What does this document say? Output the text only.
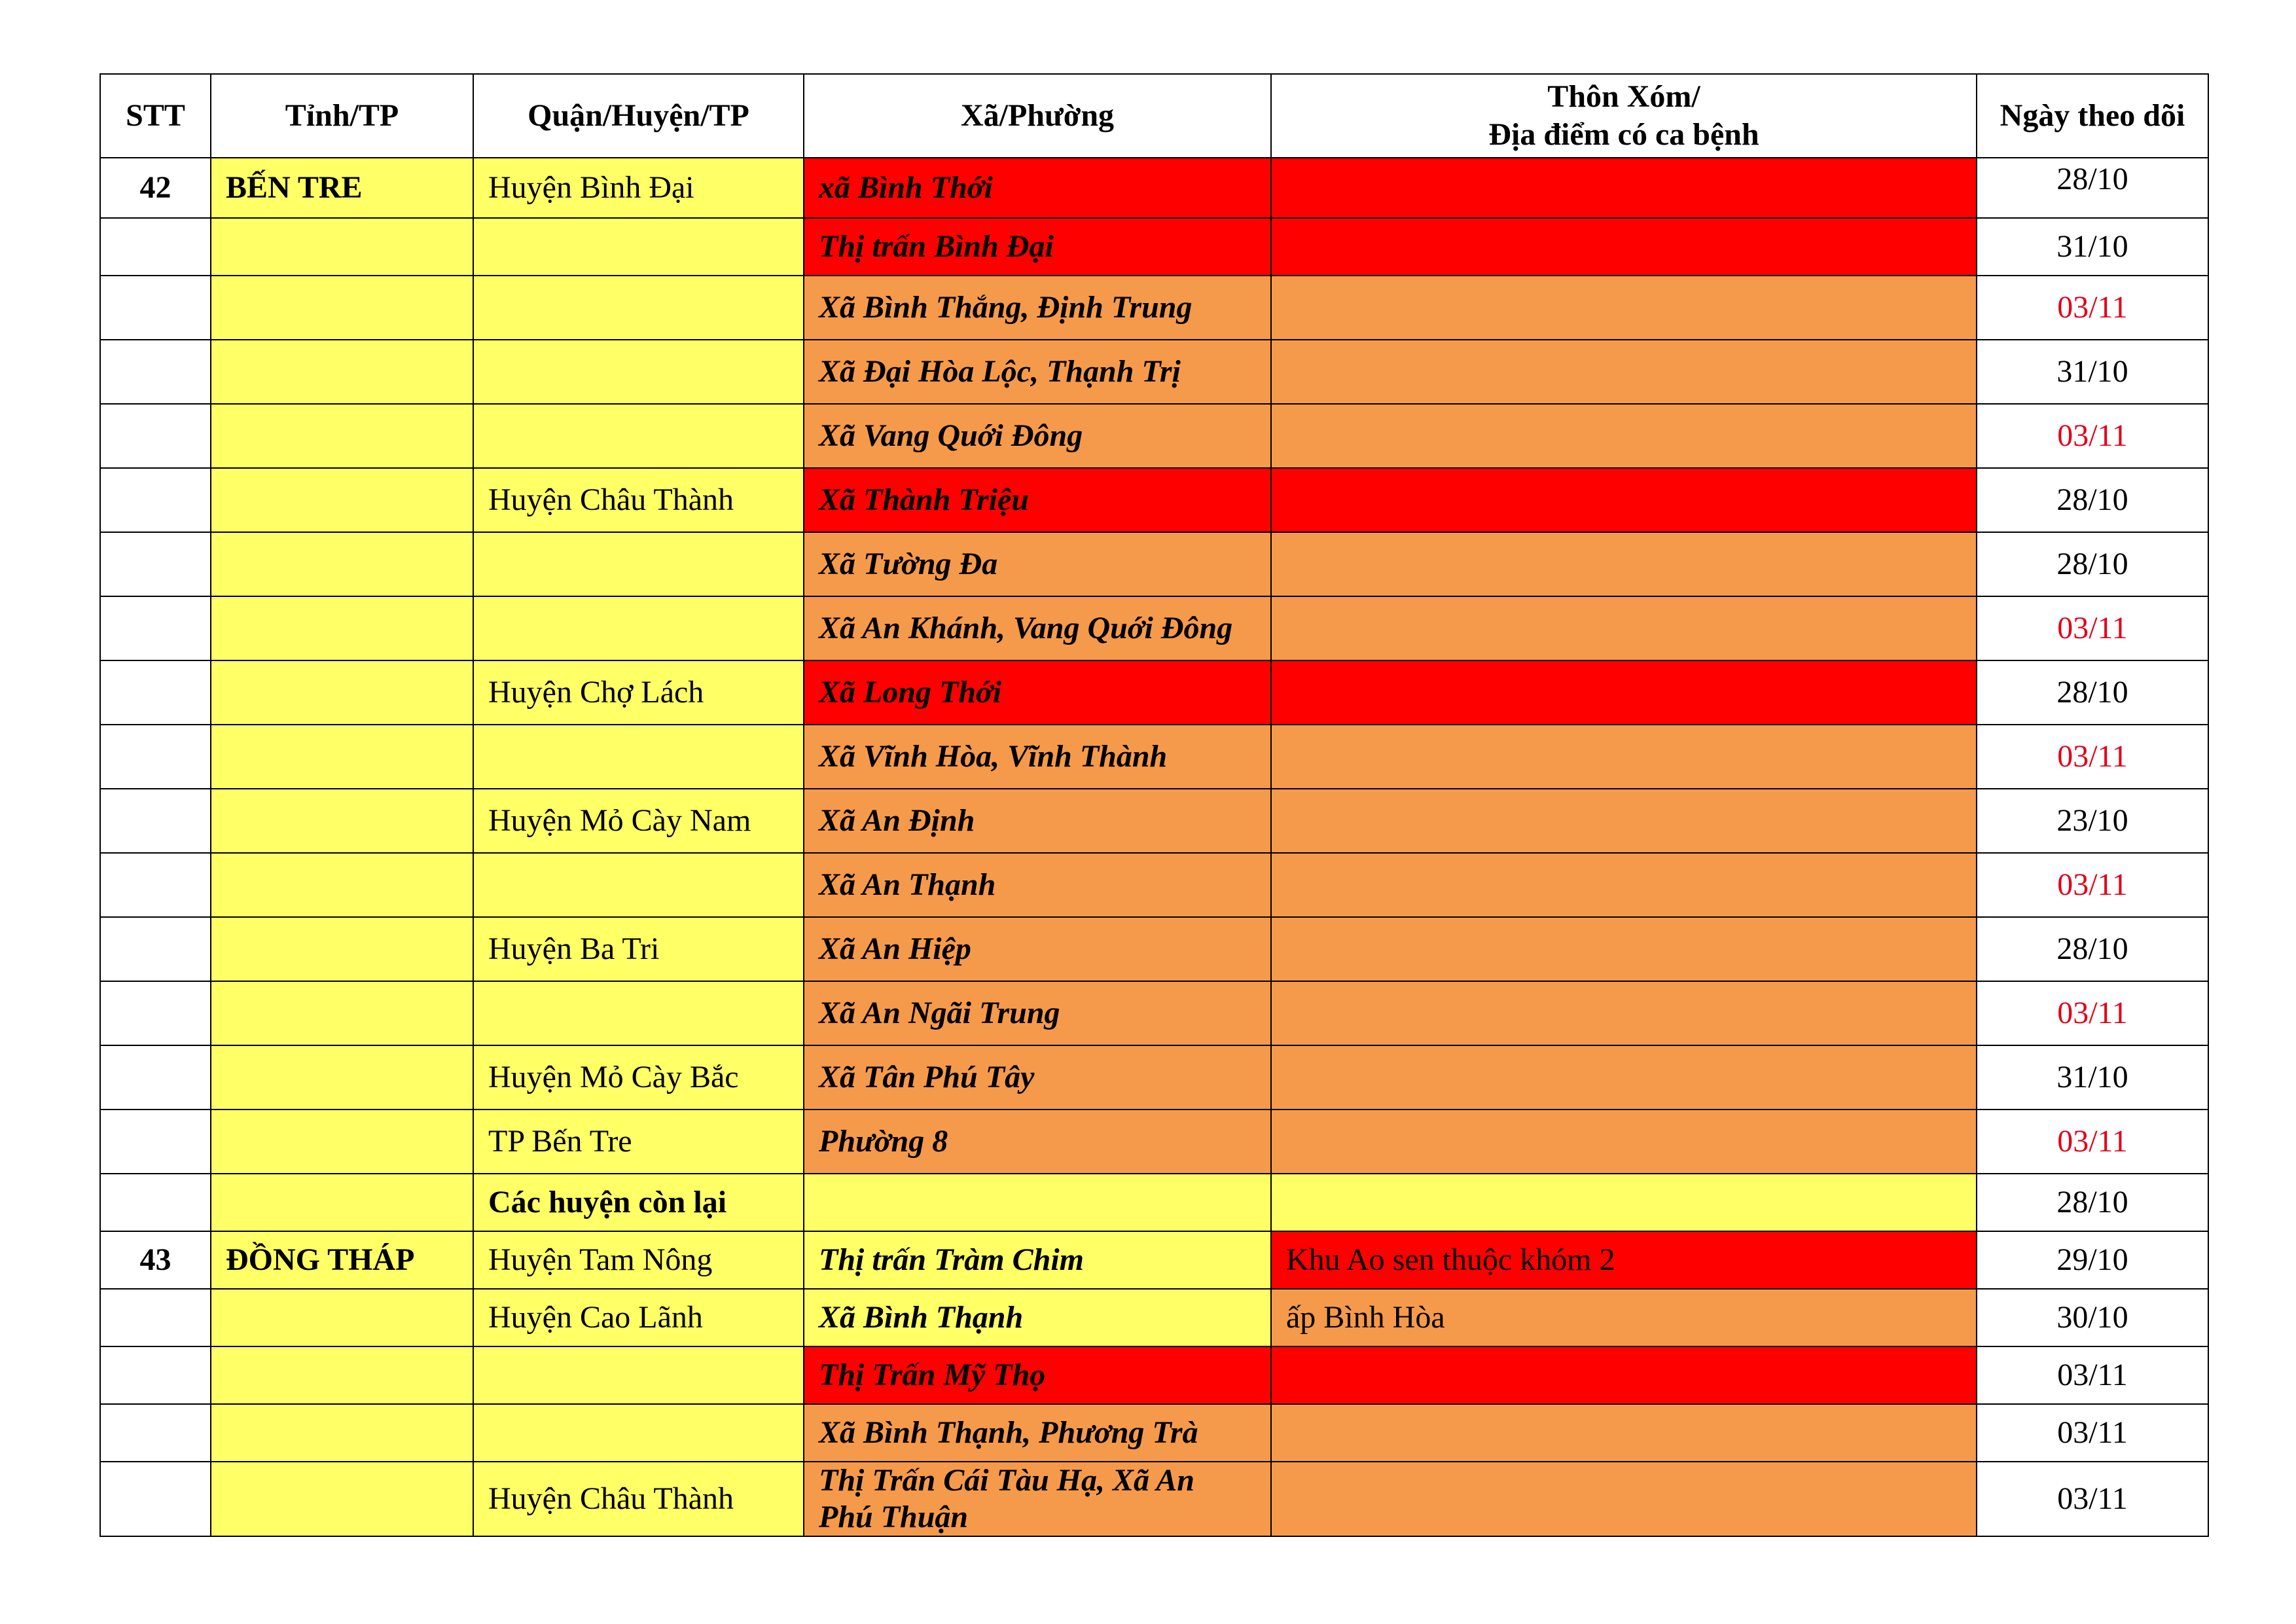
STT	Tỉnh/TP	Quận/Huyện/TP	Xã/Phường	Thôn Xóm/
Địa điểm có ca bệnh	Ngày theo dõi
42	BẾN TRE	Huyện Bình Đại	xã Bình Thới		28/10
			Thị trấn Bình Đại		31/10
			Xã Bình Thắng, Định Trung		03/11
			Xã Đại Hòa Lộc, Thạnh Trị		31/10
			Xã Vang Quới Đông		03/11
		Huyện Châu Thành	Xã Thành Triệu		28/10
			Xã Tường Đa		28/10
			Xã An Khánh, Vang Quới Đông		03/11
		Huyện Chợ Lách	Xã Long Thới		28/10
			Xã Vĩnh Hòa, Vĩnh Thành		03/11
		Huyện Mỏ Cày Nam	Xã An Định		23/10
			Xã An Thạnh		03/11
		Huyện Ba Tri	Xã An Hiệp		28/10
			Xã An Ngãi Trung		03/11
		Huyện Mỏ Cày Bắc	Xã Tân Phú Tây		31/10
		TP Bến Tre	Phường 8		03/11
		Các huyện còn lại			28/10
43	ĐỒNG THÁP	Huyện Tam Nông	Thị trấn Tràm Chim	Khu Ao sen thuộc khóm 2	29/10
		Huyện Cao Lãnh	Xã Bình Thạnh	ấp Bình Hòa	30/10
			Thị Trấn Mỹ Thọ		03/11
			Xã Bình Thạnh, Phương Trà		03/11
		Huyện Châu Thành	Thị Trấn Cái Tàu Hạ, Xã An Phú Thuận		03/11
